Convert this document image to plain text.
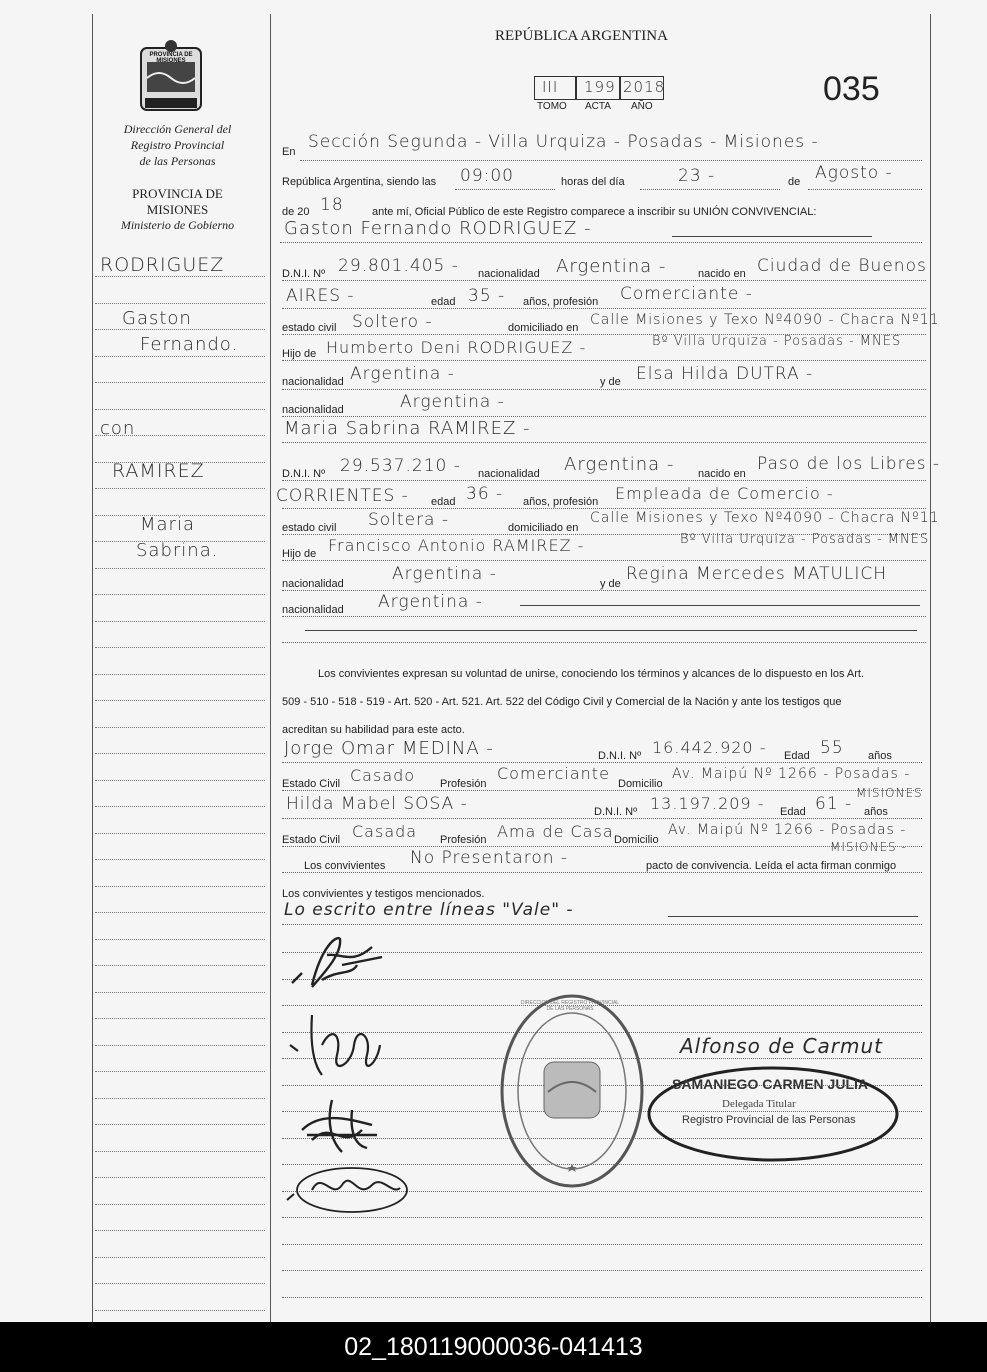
PROVINCIA DE MISIONES
Dirección General del
Registro Provincial
de las Personas
PROVINCIA DE
MISIONES
Ministerio de Gobierno
RODRIGUEZ
Gaston
Fernando.
con
RAMIREZ
Maria
Sabrina.
REPÚBLICA ARGENTINA
III 199 2018
TOMO ACTA AÑO	035
En Sección Segunda - Villa Urquiza - Posadas - Misiones -
República Argentina, siendo las 09:00	horas del día	23 -	de Agosto -
de 20 18	ante mí, Oficial Público de este Registro comparece a inscribir su UNIÓN CONVIVENCIAL:
Gaston Fernando RODRIGUEZ -
D.N.I. Nº 29.801.405 - nacionalidad Argentina -	nacido en Ciudad de Buenos
AIRES -	edad 35 - años, profesión Comerciante -
estado civil Soltero -	domiciliado en Calle Misiones y Texo Nº4090 - Chacra Nº11
Hijo de Humberto Deni RODRIGUEZ -	Bº Villa Urquiza - Posadas - MNES
nacionalidad Argentina -	y de Elsa Hilda DUTRA -
nacionalidad	Argentina -
Maria Sabrina RAMIREZ -
D.N.I. Nº 29.537.210 - nacionalidad Argentina - nacido en Paso de los Libres -
CORRIENTES - edad 36 - años, profesión Empleada de Comercio -
estado civil Soltera -	domiciliado en
Calle Misiones y Texo Nº4090 - Chacra Nº11
Hijo de Francisco Antonio RAMIREZ -	Bº Villa Urquiza - Posadas - MNES
nacionalidad	Argentina -	y de Regina Mercedes MATULICH
nacionalidad Argentina -
Los convivientes expresan su voluntad de unirse, conociendo los términos y alcances de lo dispuesto en los Art.
509 - 510 - 518 - 519 - Art. 520 - Art. 521. Art. 522 del Código Civil y Comercial de la Nación y ante los testigos que
acreditan su habilidad para este acto.
Jorge Omar MEDINA -	D.N.I. Nº 16.442.920 - Edad 55 años
Estado Civil Casado Profesión
Comerciante
Domicilio
Av. Maipú Nº 1266 - Posadas -
MISIONES
Hilda Mabel SOSA -	D.N.I. Nº 13.197.209 - Edad 61 - años
Estado Civil Casada Profesión Ama de Casa Domicilio
Av. Maipú Nº 1266 - Posadas -
MISIONES -
Los convivientes No Presentaron -	pacto de convivencia. Leída el acta firman conmigo
Los convivientes y testigos mencionados.
Lo escrito entre líneas "Vale" -
DIRECCION DEL REGISTRO PROVINCIAL DE LAS PERSONAS
Alfonso de Carmut
SAMANIEGO CARMEN JULIA
Delegada Titular
Registro Provincial de las Personas
02_180119000036-041413
